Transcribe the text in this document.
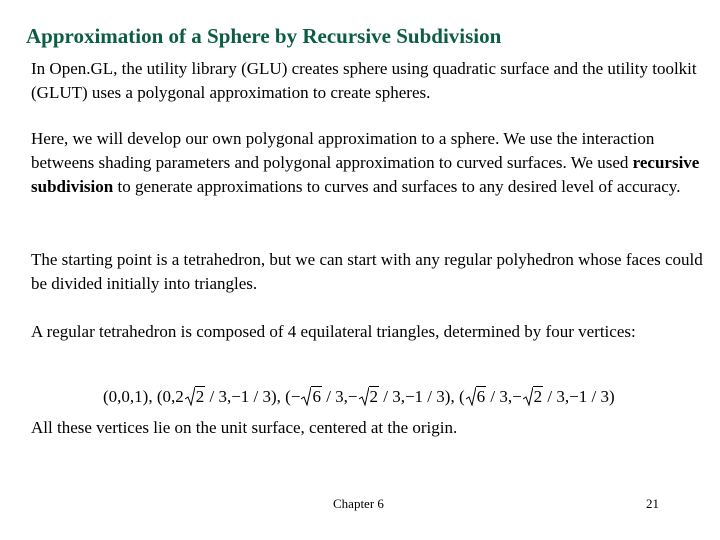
Approximation of a Sphere by Recursive Subdivision

In Open.GL, the utility library (GLU) creates sphere using quadratic surface and the utility toolkit (GLUT) uses a polygonal approximation to create spheres.

Here, we will develop our own polygonal approximation to a sphere. We use the interaction betweens shading parameters and polygonal approximation to curved surfaces. We used recursive subdivision to generate approximations to curves and surfaces to any desired level of accuracy.

The starting point is a tetrahedron, but we can start with any regular polyhedron whose faces could be divided initially into triangles.

A regular tetrahedron is composed of 4 equilateral triangles, determined by four vertices:

(0,0,1), (0,2 2 / 3,−1 / 3), (− 6 / 3,− 2 / 3,−1 / 3), ( 6 / 3,− 2 / 3,−1 / 3)

All these vertices lie on the unit surface, centered at the origin.

Chapter 6	21
